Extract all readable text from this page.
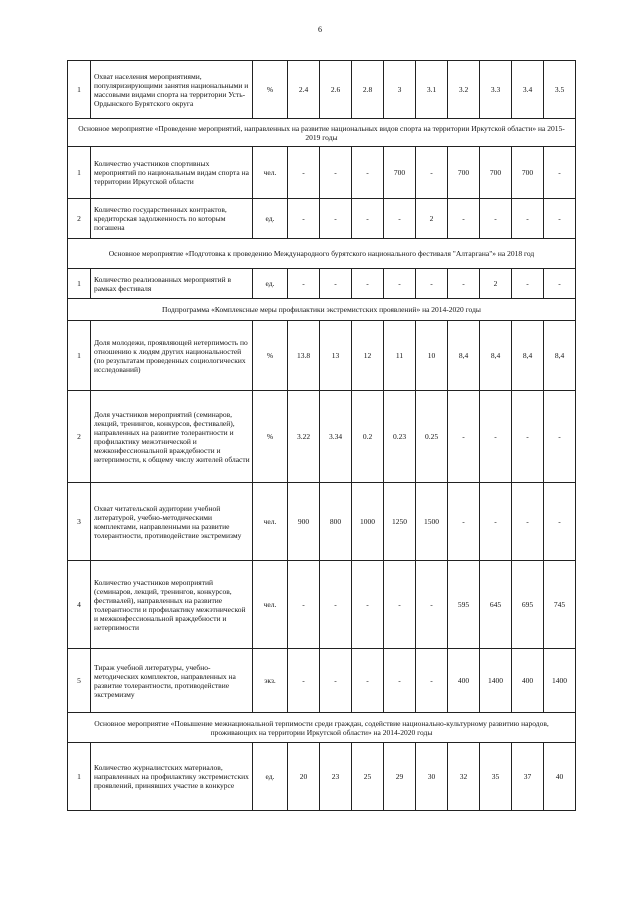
6
1	Охват населения мероприятиями, популяризирующими занятия национальными и массовыми видами спорта на территории Усть-Ордынского Бурятского округа	%	2.4	2.6	2.8	3	3.1	3.2	3.3	3.4	3.5
Основное мероприятие «Проведение мероприятий, направленных на развитие национальных видов спорта на территории Иркутской области» на 2015-2019 годы											
1	Количество участников спортивных мероприятий по национальным видам спорта на территории Иркутской области	чел.	-	-	-	700	-	700	700	700	-
2	Количество государственных контрактов, кредиторская задолженность по которым погашена	ед.	-	-	-	-	2	-	-	-	-
Основное мероприятие «Подготовка к проведению Международного бурятского национального фестиваля "Алтаргана"» на 2018 год											
1	Количество реализованных мероприятий в рамках фестиваля	ед.	-	-	-	-	-	-	2	-	-
Подпрограмма «Комплексные меры профилактики экстремистских проявлений» на 2014-2020 годы											
1	Доля молодежи, проявляющей нетерпимость по отношению к людям других национальностей (по результатам проведенных социологических исследований)	%	13.8	13	12	11	10	8,4	8,4	8,4	8,4
2	Доля участников мероприятий (семинаров, лекций, тренингов, конкурсов, фестивалей), направленных на развитие толерантности и профилактику межэтнической и межконфессиональной враждебности и нетерпимости, к общему числу жителей области	%	3.22	3.34	0.2	0.23	0.25	-	-	-	-
3	Охват читательской аудитории учебной литературой, учебно-методическими комплектами, направленными на развитие толерантности, противодействие экстремизму	чел.	900	800	1000	1250	1500	-	-	-	-
4	Количество участников мероприятий (семинаров, лекций, тренингов, конкурсов, фестивалей), направленных на развитие толерантности и профилактику межэтнической и межконфессиональной враждебности и нетерпимости	чел.	-	-	-	-	-	595	645	695	745
5	Тираж учебной литературы, учебно-методических комплектов, направленных на развитие толерантности, противодействие экстремизму	экз.	-	-	-	-	-	400	1400	400	1400
Основное мероприятие «Повышение межнациональной терпимости среди граждан, содействие национально-культурному развитию народов, проживающих на территории Иркутской области» на 2014-2020 годы											
1	Количество журналистских материалов, направленных на профилактику экстремистских проявлений, принявших участие в конкурсе	ед.	20	23	25	29	30	32	35	37	40
